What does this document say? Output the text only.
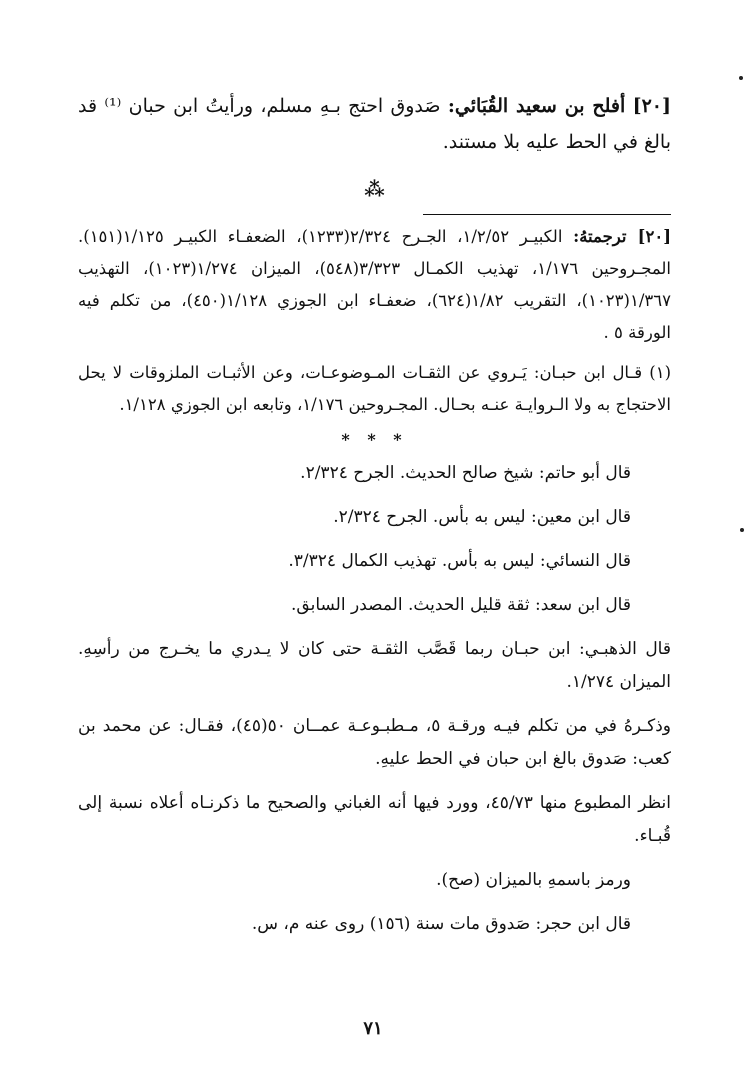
[٢٠] أفلح بن سعيد القُبَائي: صَدوق احتج بـهِ مسلم، ورأيتُ ابن حبان ⁽¹⁾ قد بالغ في الحط عليه بلا مستند.

⁂

[٢٠] ترجمتهُ: الكبيـر ١/٢/٥٢، الجـرح ٢/٣٢٤(١٢٣٣)، الضعفـاء الكبيـر ١/١٢٥(١٥١). المجـروحين ١/١٧٦، تهذيب الكمـال ٣/٣٢٣(٥٤٨)، الميزان ١/٢٧٤(١٠٢٣)، التهذيب ١/٣٦٧(١٠٢٣)، التقريب ١/٨٢(٦٢٤)، ضعفـاء ابن الجوزي ١/١٢٨(٤٥٠)، من تكلم فيه الورقة ٥ .

(١) قـال ابن حبـان: يَـروي عن الثقـات المـوضوعـات، وعن الأثبـات الملزوقات لا يحل الاحتجاج به ولا الـروايـة عنـه بحـال. المجـروحين ١/١٧٦، وتابعه ابن الجوزي ١/١٢٨.

* * *

قال أبو حاتم: شيخ صالح الحديث. الجرح ٢/٣٢٤.

قال ابن معين: ليس به بأس. الجرح ٢/٣٢٤.

قال النسائي: ليس به بأس. تهذيب الكمال ٣/٣٢٤.

قال ابن سعد: ثقة قليل الحديث. المصدر السابق.

قال الذهبـي: ابن حبـان ربما قَصَّب الثقـة حتى كان لا يـدري ما يخـرج من رأسِهِ. الميزان ١/٢٧٤.

وذكـرهُ في من تكلم فيـه ورقـة ٥، مـطبـوعـة عمــان ٥٠(٤٥)، فقـال: عن محمد بن كعب: صَدوق بالغ ابن حبان في الحط عليهِ.

انظر المطبوع منها ٤٥/٧٣، وورد فيها أنه الغباني والصحيح ما ذكرنـاه أعلاه نسبة إلى قُبـاء.

ورمز باسمهِ بالميزان (صح).

قال ابن حجر: صَدوق مات سنة (١٥٦) روى عنه م، س.

٧١
